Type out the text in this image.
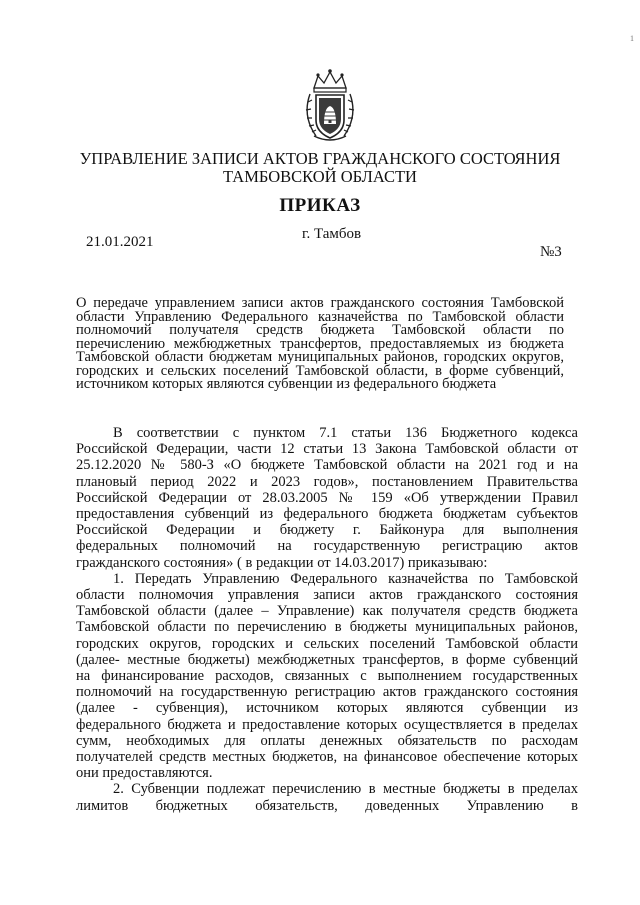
1
УПРАВЛЕНИЕ ЗАПИСИ АКТОВ ГРАЖДАНСКОГО СОСТОЯНИЯ
ТАМБОВСКОЙ ОБЛАСТИ
ПРИКАЗ
г. Тамбов
21.01.2021
№3
О передаче управлением записи актов гражданского состояния Тамбовской области Управлению Федерального казначейства по Тамбовской области полномочий получателя средств бюджета Тамбовской области по перечислению межбюджетных трансфертов, предоставляемых из бюджета Тамбовской области бюджетам муниципальных районов, городских округов, городских и сельских поселений Тамбовской области, в форме субвенций, источником которых являются субвенции из федерального бюджета
В соответствии с пунктом 7.1 статьи 136 Бюджетного кодекса
Российской Федерации, части 12 статьи 13 Закона Тамбовской области от
25.12.2020 № 580-З «О бюджете Тамбовской области на 2021 год и на
плановый период 2022 и 2023 годов», постановлением Правительства
Российской Федерации от 28.03.2005 № 159 «Об утверждении Правил
предоставления субвенций из федерального бюджета бюджетам субъектов
Российской Федерации и бюджету г. Байконура для выполнения
федеральных полномочий на государственную регистрацию актов
гражданского состояния» ( в редакции от 14.03.2017) приказываю:
1. Передать Управлению Федерального казначейства по Тамбовской
области полномочия управления записи актов гражданского состояния
Тамбовской области (далее – Управление) как получателя средств бюджета
Тамбовской области по перечислению в бюджеты муниципальных районов,
городских округов, городских и сельских поселений Тамбовской области
(далее- местные бюджеты) межбюджетных трансфертов, в форме субвенций
на финансирование расходов, связанных с выполнением государственных
полномочий на государственную регистрацию актов гражданского состояния
(далее - субвенция), источником которых являются субвенции из
федерального бюджета и предоставление которых осуществляется в пределах
сумм, необходимых для оплаты денежных обязательств по расходам
получателей средств местных бюджетов, на финансовое обеспечение которых
они предоставляются.
2. Субвенции подлежат перечислению в местные бюджеты в пределах
лимитов бюджетных обязательств, доведенных Управлению в
